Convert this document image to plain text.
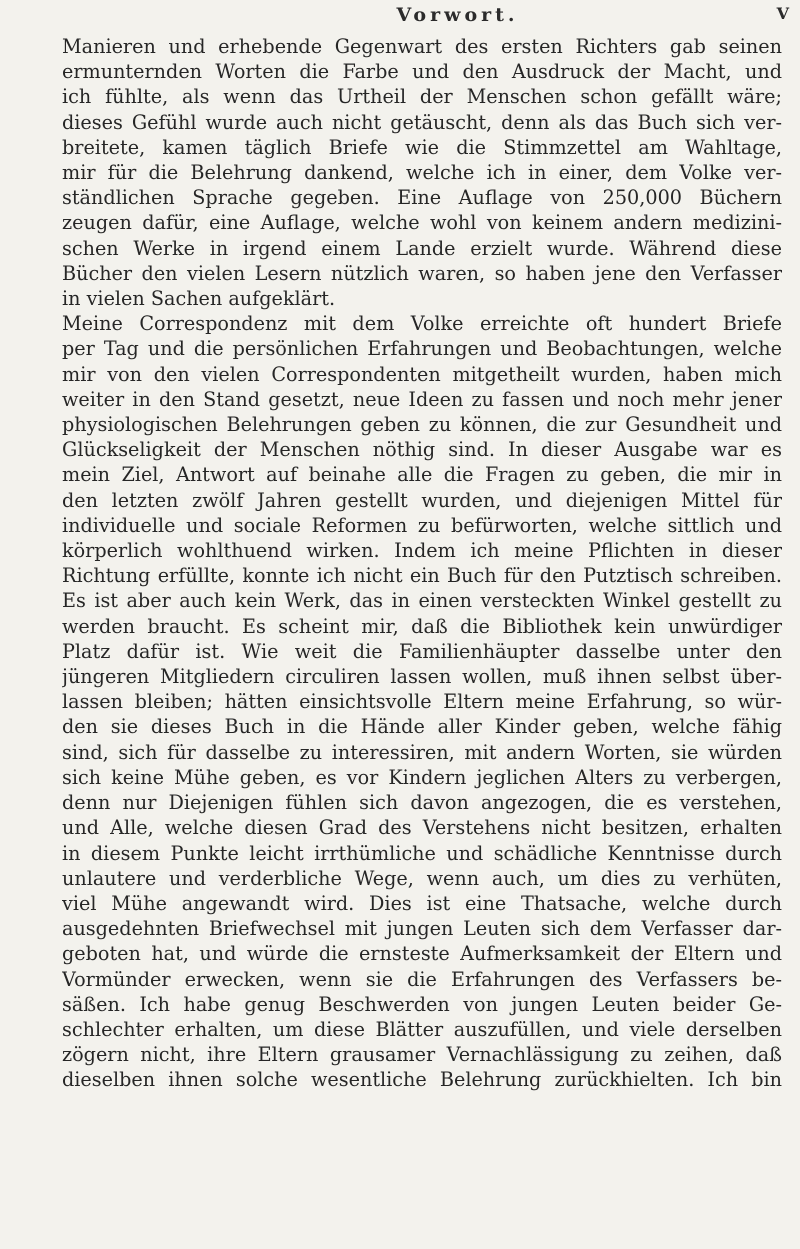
Vorwort.	V
Manieren und erhebende Gegenwart des ersten Richters gab seinen
ermunternden Worten die Farbe und den Ausdruck der Macht, und
ich fühlte, als wenn das Urtheil der Menschen schon gefällt wäre;
dieses Gefühl wurde auch nicht getäuscht, denn als das Buch sich ver-
breitete, kamen täglich Briefe wie die Stimmzettel am Wahltage,
mir für die Belehrung dankend, welche ich in einer, dem Volke ver-
ständlichen Sprache gegeben. Eine Auflage von 250,000 Büchern
zeugen dafür, eine Auflage, welche wohl von keinem andern medizini-
schen Werke in irgend einem Lande erzielt wurde. Während diese
Bücher den vielen Lesern nützlich waren, so haben jene den Verfasser
in vielen Sachen aufgeklärt.
Meine Correspondenz mit dem Volke erreichte oft hundert Briefe
per Tag und die persönlichen Erfahrungen und Beobachtungen, welche
mir von den vielen Correspondenten mitgetheilt wurden, haben mich
weiter in den Stand gesetzt, neue Ideen zu fassen und noch mehr jener
physiologischen Belehrungen geben zu können, die zur Gesundheit und
Glückseligkeit der Menschen nöthig sind. In dieser Ausgabe war es
mein Ziel, Antwort auf beinahe alle die Fragen zu geben, die mir in
den letzten zwölf Jahren gestellt wurden, und diejenigen Mittel für
individuelle und sociale Reformen zu befürworten, welche sittlich und
körperlich wohlthuend wirken. Indem ich meine Pflichten in dieser
Richtung erfüllte, konnte ich nicht ein Buch für den Putztisch schreiben.
Es ist aber auch kein Werk, das in einen versteckten Winkel gestellt zu
werden braucht. Es scheint mir, daß die Bibliothek kein unwürdiger
Platz dafür ist. Wie weit die Familienhäupter dasselbe unter den
jüngeren Mitgliedern circuliren lassen wollen, muß ihnen selbst über-
lassen bleiben; hätten einsichtsvolle Eltern meine Erfahrung, so wür-
den sie dieses Buch in die Hände aller Kinder geben, welche fähig
sind, sich für dasselbe zu interessiren, mit andern Worten, sie würden
sich keine Mühe geben, es vor Kindern jeglichen Alters zu verbergen,
denn nur Diejenigen fühlen sich davon angezogen, die es verstehen,
und Alle, welche diesen Grad des Verstehens nicht besitzen, erhalten
in diesem Punkte leicht irrthümliche und schädliche Kenntnisse durch
unlautere und verderbliche Wege, wenn auch, um dies zu verhüten,
viel Mühe angewandt wird. Dies ist eine Thatsache, welche durch
ausgedehnten Briefwechsel mit jungen Leuten sich dem Verfasser dar-
geboten hat, und würde die ernsteste Aufmerksamkeit der Eltern und
Vormünder erwecken, wenn sie die Erfahrungen des Verfassers be-
säßen. Ich habe genug Beschwerden von jungen Leuten beider Ge-
schlechter erhalten, um diese Blätter auszufüllen, und viele derselben
zögern nicht, ihre Eltern grausamer Vernachlässigung zu zeihen, daß
dieselben ihnen solche wesentliche Belehrung zurückhielten. Ich bin
